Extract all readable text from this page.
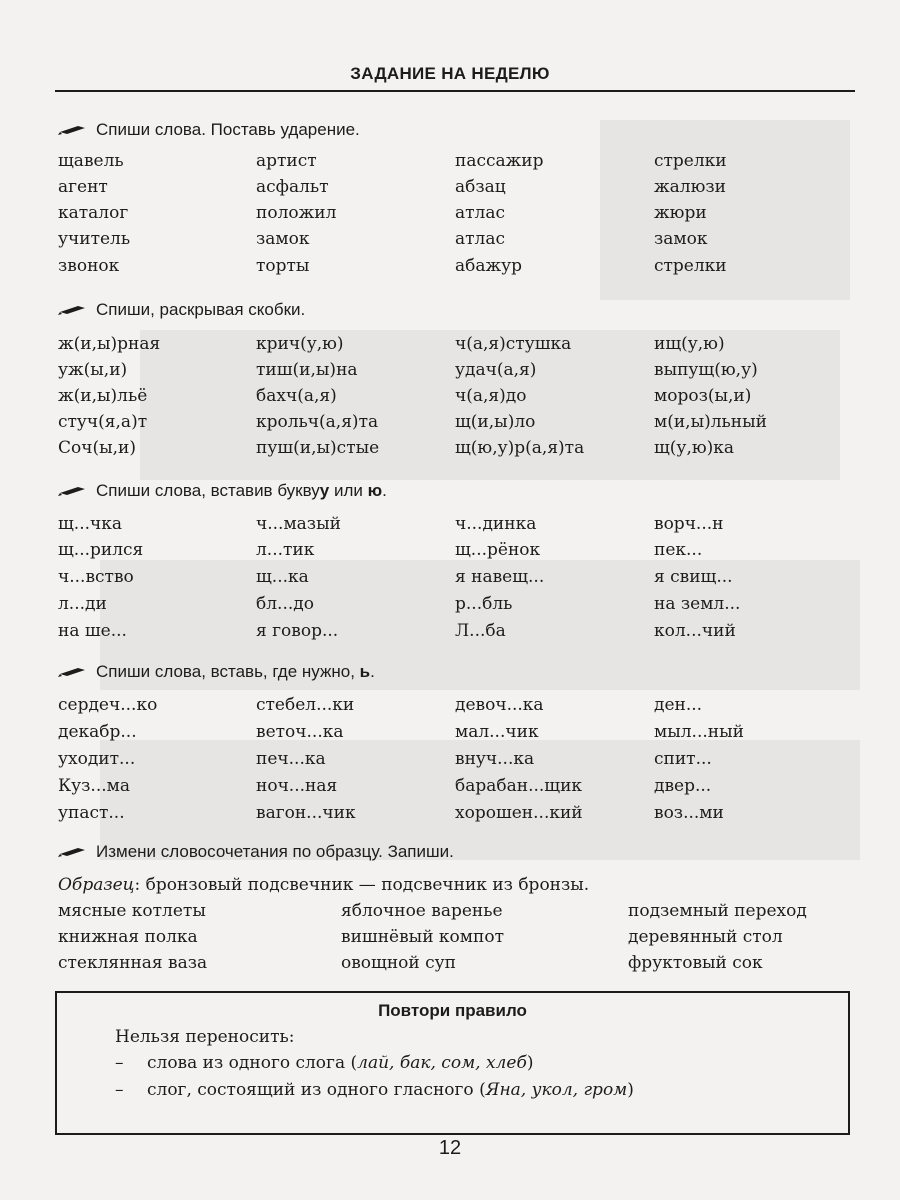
ЗАДАНИЕ НА НЕДЕЛЮ
Спиши слова. Поставь ударение.
щавель	артист	пассажир	стрелки
агент	асфальт	абзац	жалюзи
каталог	положил	атлас	жюри
учитель	замок	атлас	замок
звонок	торты	абажур	стрелки
Спиши, раскрывая скобки.
ж(и,ы)рная	крич(у,ю)	ч(а,я)стушка	ищ(у,ю)
уж(ы,и)	тиш(и,ы)на	удач(а,я)	выпущ(ю,у)
ж(и,ы)льё	бахч(а,я)	ч(а,я)до	мороз(ы,и)
стуч(я,а)т	крольч(а,я)та	щ(и,ы)ло	м(и,ы)льный
Соч(ы,и)	пуш(и,ы)стые	щ(ю,у)р(а,я)та	щ(у,ю)ка
Спиши слова, вставив букву у или ю .
щ...чка	ч...мазый	ч...динка	ворч...н
щ...рился	л...тик	щ...рёнок	пек...
ч...вство	щ...ка	я навещ...	я свищ...
л...ди	бл...до	р...бль	на земл...
на ше...	я говор...	Л...ба	кол...чий
Спиши слова, вставь, где нужно, ь .
сердеч...ко	стебел...ки	девоч...ка	ден...
декабр...	веточ...ка	мал...чик	мыл...ный
уходит...	печ...ка	внуч...ка	спит...
Куз...ма	ноч...ная	барабан...щик	двер...
упаст...	вагон...чик	хорошен...кий	воз...ми
Измени словосочетания по образцу. Запиши.
Образец: бронзовый подсвечник — подсвечник из бронзы.
мясные котлеты	яблочное варенье	подземный переход
книжная полка	вишнёвый компот	деревянный стол
стеклянная ваза	овощной суп	фруктовый сок
Повтори правило
Нельзя переносить:
– слова из одного слога (лай, бак, сом, хлеб)
– слог, состоящий из одного гласного (Яна, укол, гром)
12
